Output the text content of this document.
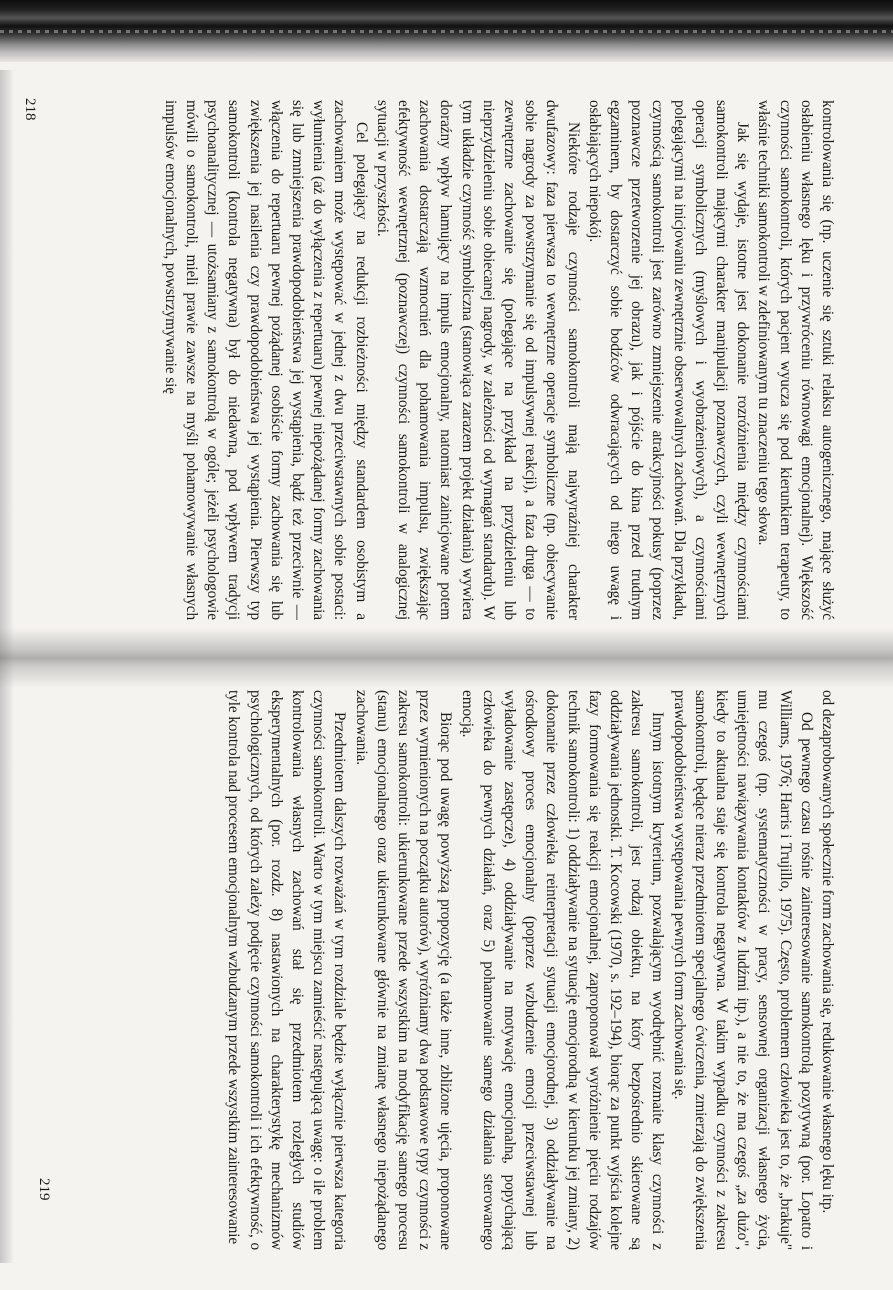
kontrolowania się (np. uczenie się sztuki relaksu autogenicznego, mające służyć osłabieniu własnego lęku i przywróceniu równowagi emocjonalnej). Większość czynności samokontroli, których pacjent wyucza się pod kierunkiem terapeuty, to właśnie techniki samokontroli w zdefiniowanym tu znaczeniu tego słowa.

Jak się wydaje, istotne jest dokonanie rozróżnienia między czynnościami samokontroli mającymi charakter manipulacji poznawczych, czyli wewnętrznych operacji symbolicznych (myślowych i wyobrażeniowych), a czynnościami polegającymi na inicjowaniu zewnętrznie obserwowalnych zachowań. Dla przykładu, czynnością samokontroli jest zarówno zmniejszenie atrakcyjności pokusy (poprzez poznawcze przetworzenie jej obrazu), jak i pójście do kina przed trudnym egzaminem, by dostarczyć sobie bodźców odwracających od niego uwagę i osłabiających niepokój.

Niektóre rodzaje czynności samokontroli mają najwyraźniej charakter dwufazowy: faza pierwsza to wewnętrzne operacje symboliczne (np. obiecywanie sobie nagrody za powstrzymanie się od impulsywnej reakcji), a faza druga — to zewnętrzne zachowanie się (polegające na przykład na przydzieleniu lub nieprzydzieleniu sobie obiecanej nagrody, w zależności od wymagań standardu). W tym układzie czynność symboliczna (stanowiąca zarazem projekt działania) wywiera doraźny wpływ hamujący na impuls emocjonalny, natomiast zainicjowane potem zachowania dostarczają wzmocnień dla pohamowania impulsu, zwiększając efektywność wewnętrznej (poznawczej) czynności samokontroli w analogicznej sytuacji w przyszłości.

Cel polegający na redukcji rozbieżności między standardem osobistym a zachowaniem może występować w jednej z dwu przeciwstawnych sobie postaci: wyłumienia (aż do wyłączenia z repertuaru) pewnej niepożądanej formy zachowania się lub zmniejszenia prawdopodobieństwa jej wystąpienia, bądź też przeciwnie — włączenia do repertuaru pewnej pożądanej osobiście formy zachowania się lub zwiększenia jej nasilenia czy prawdopodobieństwa jej wystąpienia. Pierwszy typ samokontroli (kontrola negatywna) był do niedawna, pod wpływem tradycji psychoanalitycznej — utożsamiany z samokontrolą w ogóle; jeżeli psychologowie mówili o samokontroli, mieli prawie zawsze na myśli pohamowywanie własnych impulsów emocjonalnych, powstrzymywanie się

od dezaprobowanych społecznie form zachowania się, redukowanie własnego lęku itp.

Od pewnego czasu rośnie zainteresowanie samokontrolą pozytywną (por. Lopatto i Williams, 1976; Harris i Trujillo, 1975). Często, problemem człowieka jest to, że „brakuje" mu czegoś (np. systematyczności w pracy, sensownej organizacji własnego życia, umiejętności nawiązywania kontaktów z ludźmi itp.), a nie to, że ma czegoś „za dużo", kiedy to aktualna staje się kontrola negatywna. W takim wypadku czynności z zakresu samokontroli, będące nieraz przedmiotem specjalnego ćwiczenia, zmierzają do zwiększenia prawdopodobieństwa występowania pewnych form zachowania się.

Innym istotnym kryterium, pozwalającym wyodrębnić rozmaite klasy czynności z zakresu samokontroli, jest rodzaj obiektu, na który bezpośrednio skierowane są oddziaływania jednostki. T. Kocowski (1970, s. 192–194), biorąc za punkt wyjścia kolejne fazy formowania się reakcji emocjonalnej, zaproponował wyróżnienie pięciu rodzajów technik samokontroli: 1) oddziaływanie na sytuację emocjorodną w kierunku jej zmiany, 2) dokonanie przez człowieka reinterpretacji sytuacji emocjorodnej, 3) oddziaływanie na ośrodkowy proces emocjonalny (poprzez wzbudzenie emocji przeciwstawnej lub wyładowanie zastępcze), 4) oddziaływanie na motywację emocjonalną, popychającą człowieka do pewnych działań, oraz 5) pohamowanie samego działania sterowanego emocją.

Biorąc pod uwagę powyższą propozycję (a także inne, zbliżone ujęcia, proponowane przez wymienionych na początku autorów), wyróżniamy dwa podstawowe typy czynności z zakresu samokontroli: ukierunkowane przede wszystkim na modyfikację samego procesu (stanu) emocjonalnego oraz ukierunkowane głównie na zmianę własnego niepożądanego zachowania.

Przedmiotem dalszych rozważań w tym rozdziale będzie wyłącznie pierwsza kategoria czynności samokontroli. Warto w tym miejscu zamieścić następującą uwagę: o ile problem kontrolowania własnych zachowań stał się przedmiotem rozległych studiów eksperymentalnych (por. rozdz. 8) nastawionych na charakterystykę mechanizmów psychologicznych, od których zależy podjęcie czynności samokontroli i ich efektywność, o tyle kontrola nad procesem emocjonalnym wzbudzanym przede wszystkim zainteresowanie

218
219
